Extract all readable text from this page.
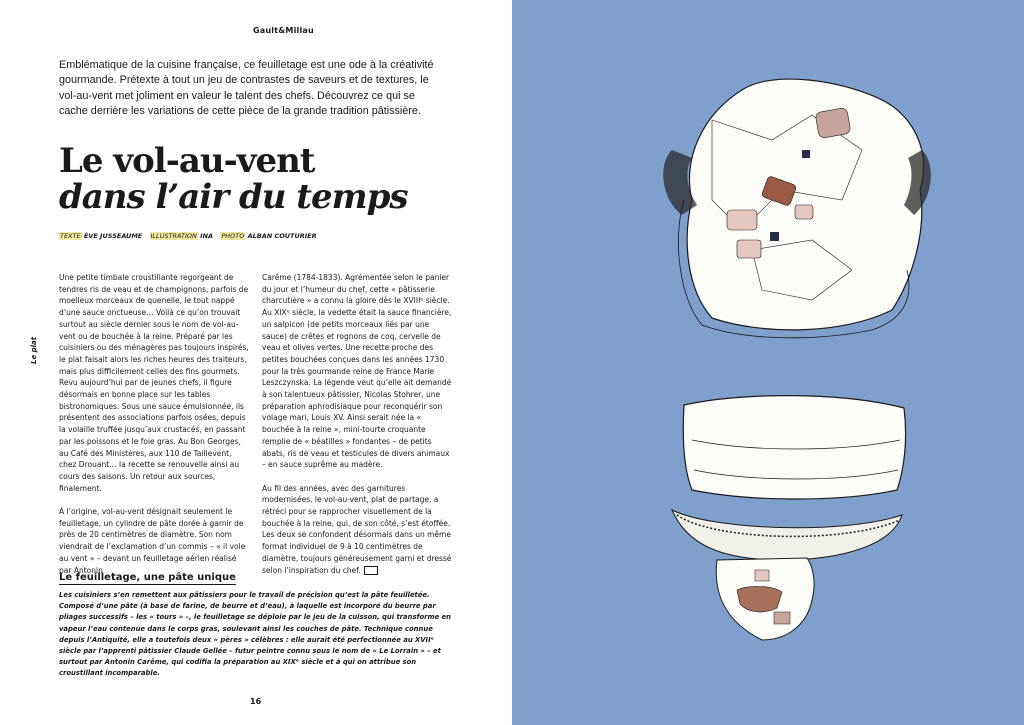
Gault&Millau
Emblématique de la cuisine française, ce feuilletage est une ode à la créativité gourmande. Prétexte à tout un jeu de contrastes de saveurs et de textures, le vol-au-vent met joliment en valeur le talent des chefs. Découvrez ce qui se cache derrière les variations de cette pièce de la grande tradition pâtissière.
Le vol-au-vent
dans l’air du temps
TEXTE ÈVE JUSSEAUME ILLUSTRATION INA PHOTO ALBAN COUTURIER
Le plat

Une petite timbale croustillante regorgeant de tendres ris de veau et de champignons, parfois de moelleux morceaux de quenelle, le tout nappé d’une sauce onctueuse… Voilà ce qu’on trouvait surtout au siècle dernier sous le nom de vol-au-vent ou de bouchée à la reine. Préparé par les cuisiniers ou des ménagères pas toujours inspirés, le plat faisait alors les riches heures des traiteurs, mais plus difficilement celles des fins gourmets. Revu aujourd’hui par de jeunes chefs, il figure désormais en bonne place sur les tables bistronomiques. Sous une sauce émulsionnée, ils présentent des associations parfois osées, depuis la volaille truffée jusqu’aux crustacés, en passant par les poissons et le foie gras. Au Bon Georges, au Café des Ministères, aux 110 de Taillevent, chez Drouant… la recette se renouvelle ainsi au cours des saisons. Un retour aux sources, finalement.

À l’origine, vol-au-vent désignait seulement le feuilletage, un cylindre de pâte dorée à garnir de près de 20 centimètres de diamètre. Son nom viendrait de l’exclamation d’un commis – « il vole au vent » – devant un feuilletage aérien réalisé par Antonin

Carême (1784-1833). Agrémentée selon le panier du jour et l’humeur du chef, cette « pâtisserie charcutière » a connu la gloire dès le XVIIIᵉ siècle. Au XIXᵉ siècle, la vedette était la sauce financière, un salpicon (de petits morceaux liés par une sauce) de crêtes et rognons de coq, cervelle de veau et olives vertes. Une recette proche des petites bouchées conçues dans les années 1730 pour la très gourmande reine de France Marie Leszczynska. La légende veut qu’elle ait demandé à son talentueux pâtissier, Nicolas Stohrer, une préparation aphrodisiaque pour reconquérir son volage mari, Louis XV. Ainsi serait née la « bouchée à la reine », mini-tourte croquante remplie de « béatilles » fondantes – de petits abats, ris de veau et testicules de divers animaux – en sauce suprême au madère.

Au fil des années, avec des garnitures modernisées, le vol-au-vent, plat de partage, a rétréci pour se rapprocher visuellement de la bouchée à la reine, qui, de son côté, s’est étoffée. Les deux se confondent désormais dans un même format individuel de 9 à 10 centimètres de diamètre, toujours généreusement garni et dressé selon l’inspiration du chef.

Le feuilletage, une pâte unique
Les cuisiniers s’en remettent aux pâtissiers pour le travail de précision qu’est la pâte feuilletée. Composé d’une pâte (à base de farine, de beurre et d’eau), à laquelle est incorporé du beurre par pliages successifs – les « tours » –, le feuilletage se déploie par le jeu de la cuisson, qui transforme en vapeur l’eau contenue dans le corps gras, soulevant ainsi les couches de pâte. Technique connue depuis l’Antiquité, elle a toutefois deux « pères » célèbres : elle aurait été perfectionnée au XVIIᵉ siècle par l’apprenti pâtissier Claude Gellée – futur peintre connu sous le nom de « Le Lorrain » – et surtout par Antonin Carême, qui codifia la préparation au XIXᵉ siècle et à qui on attribue son croustillant incomparable.
16
